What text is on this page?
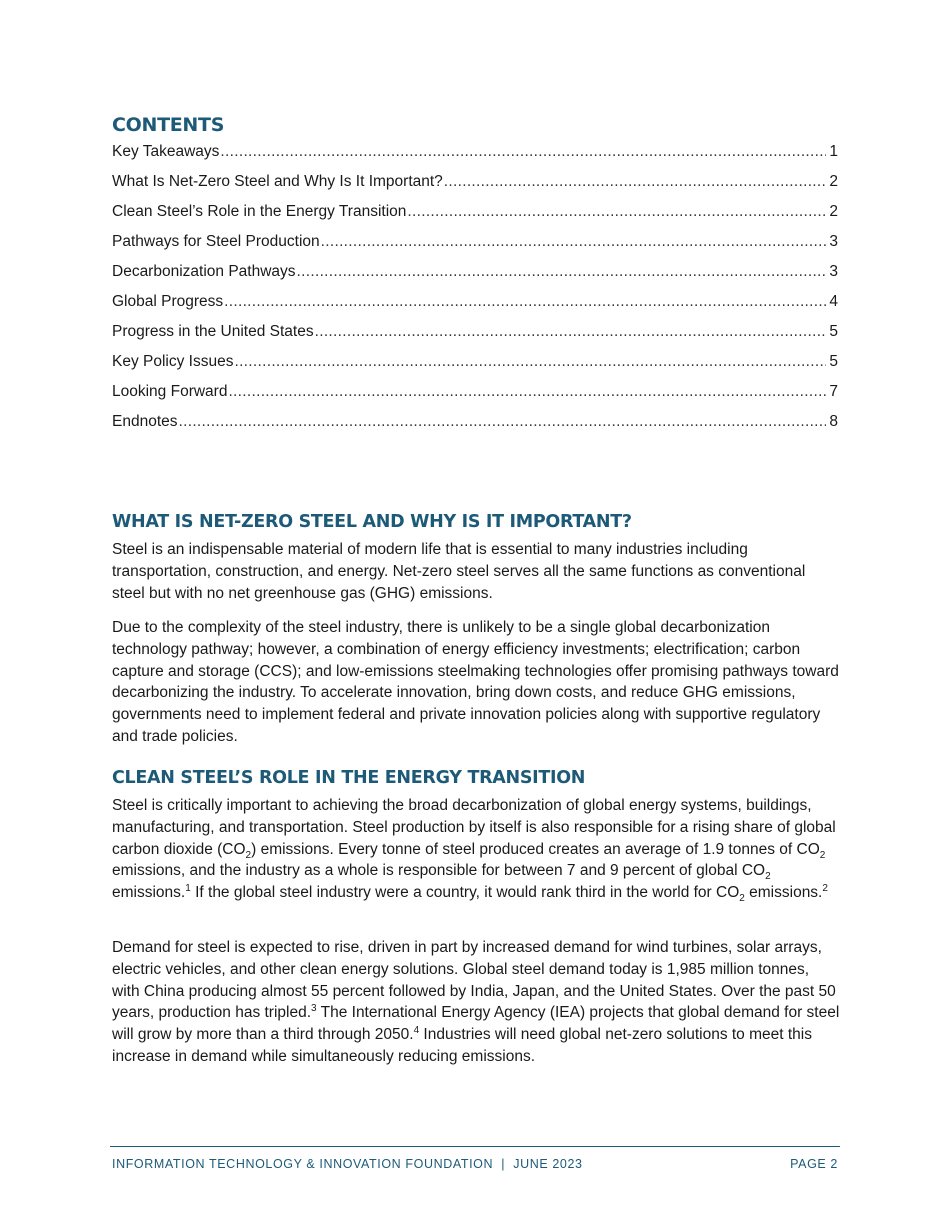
CONTENTS
Key Takeaways .....	1
What Is Net-Zero Steel and Why Is It Important? .....	2
Clean Steel’s Role in the Energy Transition .....	2
Pathways for Steel Production .....	3
Decarbonization Pathways .....	3
Global Progress .....	4
Progress in the United States .....	5
Key Policy Issues .....	5
Looking Forward .....	7
Endnotes .....	8
WHAT IS NET-ZERO STEEL AND WHY IS IT IMPORTANT?

Steel is an indispensable material of modern life that is essential to many industries including transportation, construction, and energy. Net-zero steel serves all the same functions as conventional steel but with no net greenhouse gas (GHG) emissions.

Due to the complexity of the steel industry, there is unlikely to be a single global decarbonization technology pathway; however, a combination of energy efficiency investments; electrification; carbon capture and storage (CCS); and low-emissions steelmaking technologies offer promising pathways toward decarbonizing the industry. To accelerate innovation, bring down costs, and reduce GHG emissions, governments need to implement federal and private innovation policies along with supportive regulatory and trade policies.

CLEAN STEEL’S ROLE IN THE ENERGY TRANSITION

Steel is critically important to achieving the broad decarbonization of global energy systems, buildings, manufacturing, and transportation. Steel production by itself is also responsible for a rising share of global carbon dioxide $(CO_2)$ emissions. Every tonne of steel produced creates an average of 1.9 tonnes of $CO_2$ emissions, and the industry as a whole is responsible for between 7 and 9 percent of global $CO_2$ emissions.$^1$ If the global steel industry were a country, it would rank third in the world for $CO_2$ emissions.$^2$

Demand for steel is expected to rise, driven in part by increased demand for wind turbines, solar arrays, electric vehicles, and other clean energy solutions. Global steel demand today is 1,985 million tonnes, with China producing almost 55 percent followed by India, Japan, and the United States. Over the past 50 years, production has tripled.$^3$ The International Energy Agency (IEA) projects that global demand for steel will grow by more than a third through 2050.$^4$ Industries will need global net-zero solutions to meet this increase in demand while simultaneously reducing emissions.

INFORMATION TECHNOLOGY & INNOVATION FOUNDATION  |  JUNE 2023	PAGE 2
